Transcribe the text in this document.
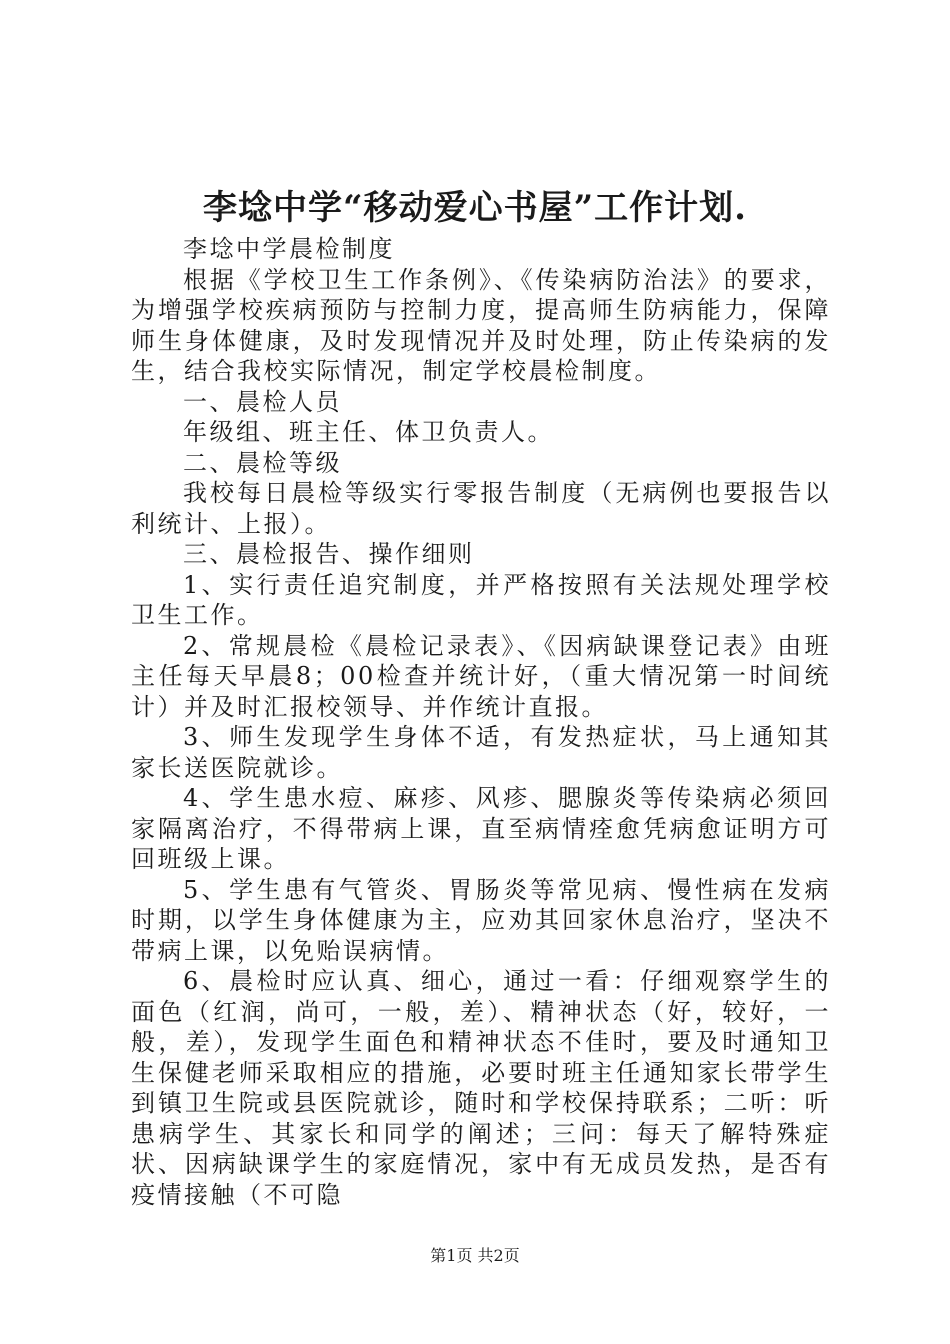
李埝中学“移动爱心书屋”工作计划.

李埝中学晨检制度

根据《学校卫生工作条例》、《传染病防治法》的要求，为增强学校疾病预防与控制力度，提高师生防病能力，保障师生身体健康，及时发现情况并及时处理，防止传染病的发生，结合我校实际情况，制定学校晨检制度。

一、晨检人员

年级组、班主任、体卫负责人。

二、晨检等级

我校每日晨检等级实行零报告制度（无病例也要报告以利统计、上报）。

三、晨检报告、操作细则

1、实行责任追究制度，并严格按照有关法规处理学校卫生工作。

2、常规晨检《晨检记录表》、《因病缺课登记表》由班主任每天早晨8；00检查并统计好，（重大情况第一时间统计）并及时汇报校领导、并作统计直报。

3、师生发现学生身体不适，有发热症状，马上通知其家长送医院就诊。

4、学生患水痘、麻疹、风疹、腮腺炎等传染病必须回家隔离治疗，不得带病上课，直至病情痊愈凭病愈证明方可回班级上课。

5、学生患有气管炎、胃肠炎等常见病、慢性病在发病时期，以学生身体健康为主，应劝其回家休息治疗，坚决不带病上课，以免贻误病情。

6、晨检时应认真、细心，通过一看：仔细观察学生的面色（红润，尚可，一般，差）、精神状态（好，较好，一般，差），发现学生面色和精神状态不佳时，要及时通知卫生保健老师采取相应的措施，必要时班主任通知家长带学生到镇卫生院或县医院就诊，随时和学校保持联系；二听：听患病学生、其家长和同学的阐述；三问：每天了解特殊症状、因病缺课学生的家庭情况，家中有无成员发热，是否有疫情接触（不可隐

第1页 共2页
